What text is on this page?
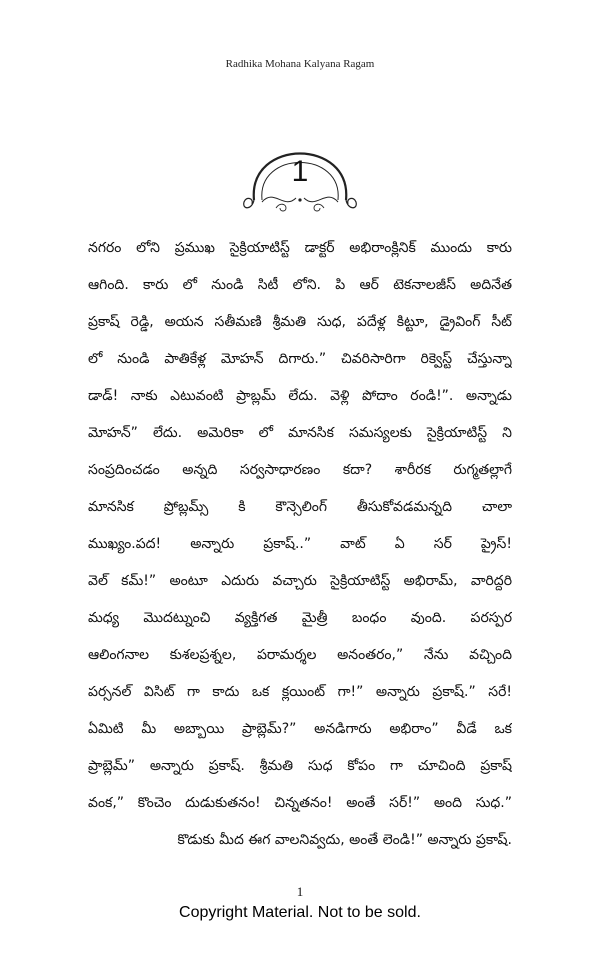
Radhika Mohana Kalyana Ragam
1
నగరం లోని ప్రముఖ సైక్రియాటిస్ట్ డాక్టర్ అభిరాంక్లినిక్ ముందు కారు
ఆగింది. కారు లో నుండి సిటీ లోని. పి ఆర్ టెకనాలజీస్ అదినేత
ప్రకాష్ రెడ్డి, అయన సతీమణి శ్రీమతి సుధ, పదేళ్ల కిట్టూ, డ్రైవింగ్ సీట్
లో నుండి పాతికేళ్ల మోహన్ దిగారు.” చివరిసారిగా రిక్వెస్ట్ చేస్తున్నా
డాడ్! నాకు ఎటువంటి ప్రాబ్లమ్ లేదు. వెళ్లి పోదాం రండి!”. అన్నాడు
మోహన్” లేదు. అమెరికా లో మానసిక సమస్యలకు సైక్రియాటిస్ట్ ని
సంప్రదించడం అన్నది సర్వసాధారణం కదా? శారీరక రుగ్మతల్లాగే
మానసిక ప్రోబ్లమ్స్ కి కౌన్సెలింగ్ తీసుకోవడమన్నది చాలా
ముఖ్యం.పద! అన్నారు ప్రకాష్..” వాట్ ఏ సర్ ప్రైస్!
వెల్ కమ్!” అంటూ ఎదురు వచ్చారు సైక్రియాటిస్ట్ అభిరామ్, వారిద్దరి
మధ్య మొదట్నుంచి వ్యక్తిగత మైత్రీ బంధం వుంది. పరస్పర
ఆలింగనాల కుశలప్రశ్నల, పరామర్శల అనంతరం,” నేను వచ్చింది
పర్సనల్ విసిట్ గా కాదు ఒక క్లయింట్ గా!” అన్నారు ప్రకాష్.” సరే!
ఏమిటి మీ అబ్బాయి ప్రాబ్లెమ్?” అనడిగారు అభిరాం” వీడే ఒక
ప్రాబ్లెమ్” అన్నారు ప్రకాష్. శ్రీమతి సుధ కోపం గా చూచింది ప్రకాష్
వంక,” కొంచెం దుడుకుతనం! చిన్నతనం! అంతే సర్!” అంది సుధ.”
కొడుకు మీద ఈగ వాలనివ్వదు, అంతే లెండి!” అన్నారు ప్రకాష్.
1
Copyright Material. Not to be sold.
